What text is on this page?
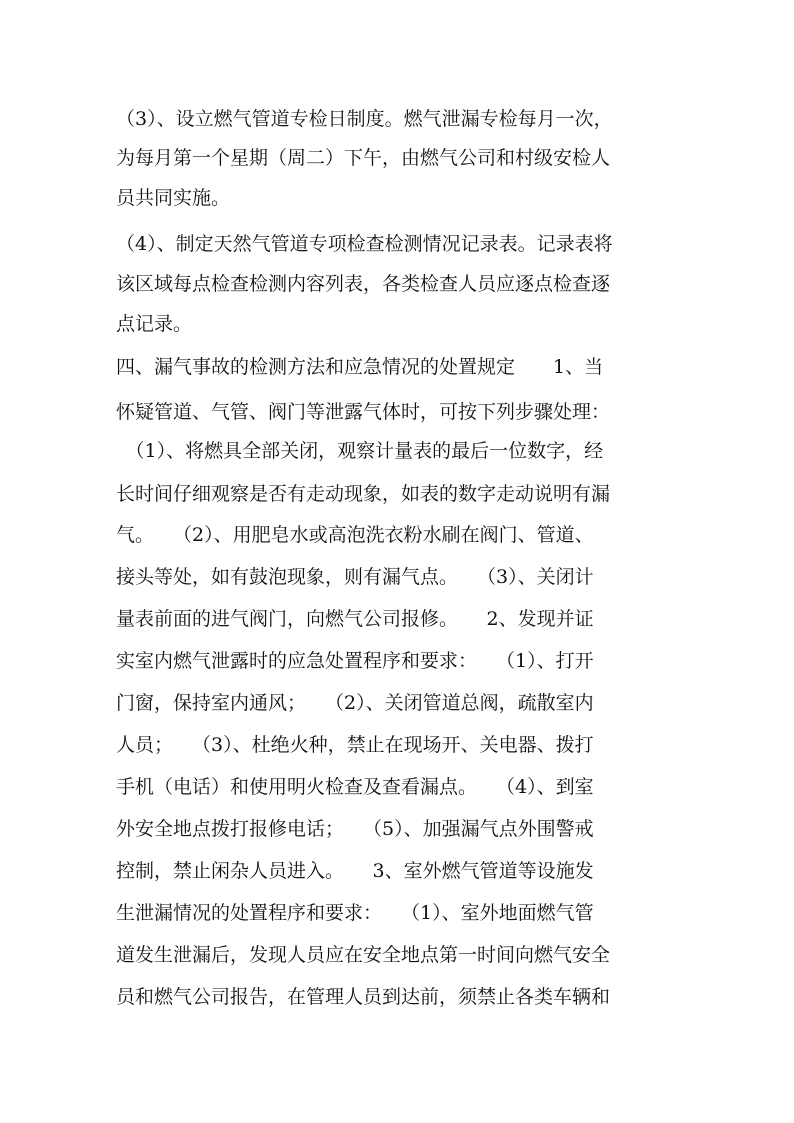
（3）、设立燃气管道专检日制度。燃气泄漏专检每月一次，
为每月第一个星期（周二）下午，由燃气公司和村级安检人
员共同实施。
（4）、制定天然气管道专项检查检测情况记录表。记录表将
该区域每点检查检测内容列表，各类检查人员应逐点检查逐
点记录。
四、漏气事故的检测方法和应急情况的处置规定　　1、当
怀疑管道、气管、阀门等泄露气体时，可按下列步骤处理：
　（1）、将燃具全部关闭，观察计量表的最后一位数字，经
长时间仔细观察是否有走动现象，如表的数字走动说明有漏
气。　　（2）、用肥皂水或高泡洗衣粉水刷在阀门、管道、
接头等处，如有鼓泡现象，则有漏气点。　　（3）、关闭计
量表前面的进气阀门，向燃气公司报修。　　2、发现并证
实室内燃气泄露时的应急处置程序和要求：　　（1）、打开
门窗，保持室内通风；　　（2）、关闭管道总阀，疏散室内
人员；　　（3）、杜绝火种，禁止在现场开、关电器、拨打
手机（电话）和使用明火检查及查看漏点。　　（4）、到室
外安全地点拨打报修电话；　　（5）、加强漏气点外围警戒
控制，禁止闲杂人员进入。　　3、室外燃气管道等设施发
生泄漏情况的处置程序和要求：　　（1）、室外地面燃气管
道发生泄漏后，发现人员应在安全地点第一时间向燃气安全
员和燃气公司报告，在管理人员到达前，须禁止各类车辆和
